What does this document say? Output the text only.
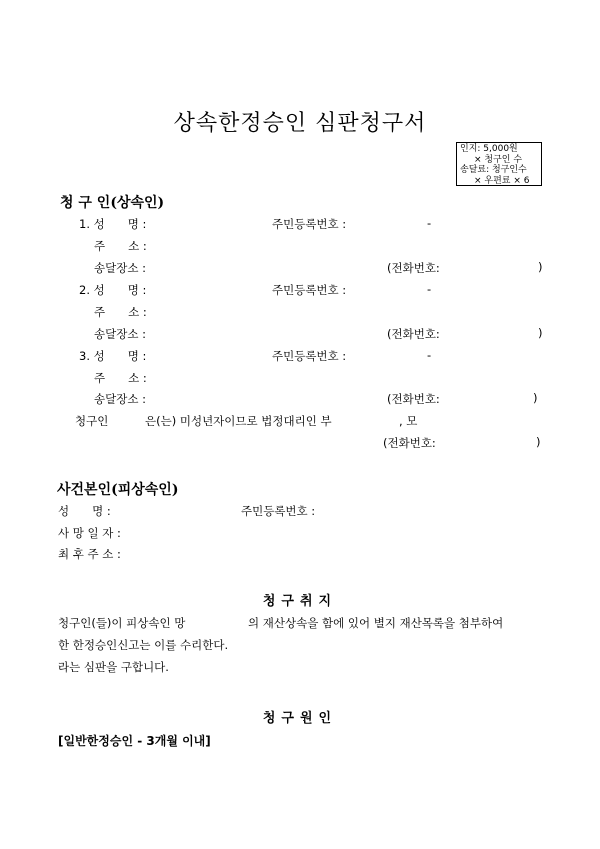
상속한정승인 심판청구서
인지: 5,000원
× 청구인 수
송달료: 청구인수
× 우편료 × 6
청 구 인(상속인)
1. 성　　명 :	주민등록번호 :	-
주　　소 :
송달장소 :	(전화번호:	)
2. 성　　명 :	주민등록번호 :	-
주　　소 :
송달장소 :	(전화번호:	)
3. 성　　명 :	주민등록번호 :	-
주　　소 :
송달장소 :	(전화번호:	)
청구인	은(는) 미성년자이므로 법정대리인 부	, 모
(전화번호:	)
사건본인(피상속인)
성　　명 :	주민등록번호 :
사 망 일 자 :
최 후 주 소 :
청구취지
청구인(들)이 피상속인 망	의 재산상속을 함에 있어 별지 재산목록을 첨부하여
한 한정승인신고는 이를 수리한다.
라는 심판을 구합니다.
청구원인
[일반한정승인 - 3개월 이내]
